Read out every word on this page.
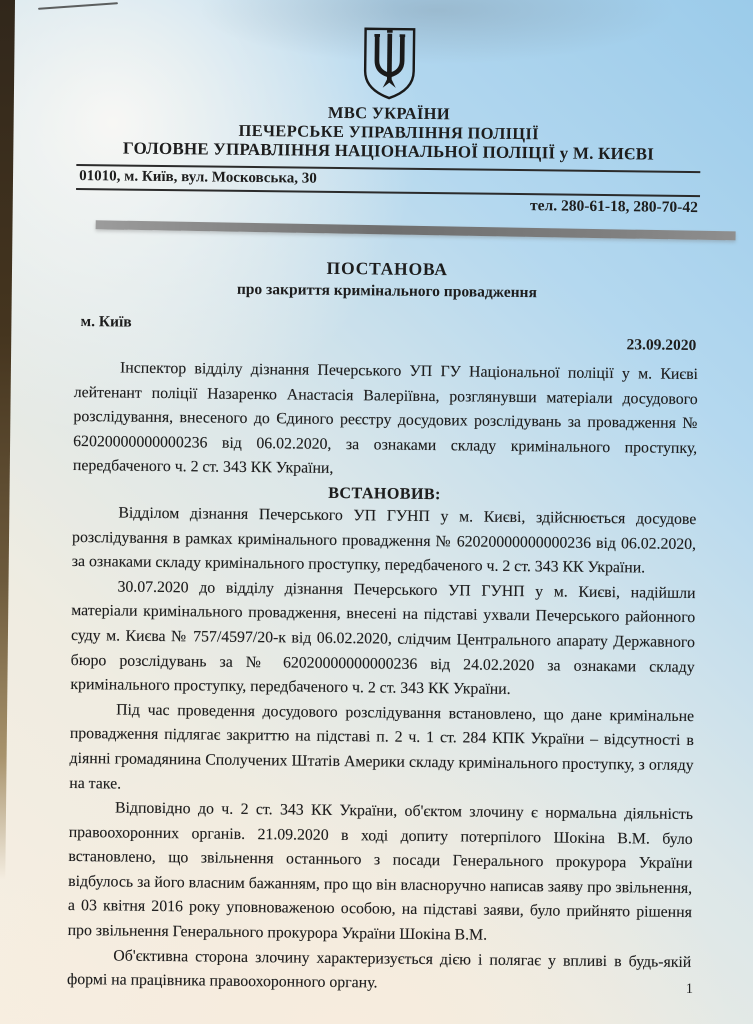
МВС УКРАЇНИ
ПЕЧЕРСЬКЕ УПРАВЛІННЯ ПОЛІЦІЇ
ГОЛОВНЕ УПРАВЛІННЯ НАЦІОНАЛЬНОЇ ПОЛІЦІЇ у М. КИЄВІ
01010, м. Київ, вул. Московська, 30
тел. 280-61-18, 280-70-42
ПОСТАНОВА
про закриття кримінального провадження
м. Київ
23.09.2020

Інспектор відділу дізнання Печерського УП ГУ Національної поліції у м. Києві лейтенант поліції Назаренко Анастасія Валеріївна, розглянувши матеріали досудового розслідування, внесеного до Єдиного реєстру досудових розслідувань за провадження № 62020000000000236 від 06.02.2020, за ознаками складу кримінального проступку, передбаченого ч. 2 ст. 343 КК України,

ВСТАНОВИВ:

Відділом дізнання Печерського УП ГУНП у м. Києві, здійснюється досудове розслідування в рамках кримінального провадження № 62020000000000236 від 06.02.2020, за ознаками складу кримінального проступку, передбаченого ч. 2 ст. 343 КК України.

30.07.2020 до відділу дізнання Печерського УП ГУНП у м. Києві, надійшли матеріали кримінального провадження, внесені на підставі ухвали Печерського районного суду м. Києва № 757/4597/20-к від 06.02.2020, слідчим Центрального апарату Державного бюро розслідувань за № 62020000000000236 від 24.02.2020 за ознаками складу кримінального проступку, передбаченого ч. 2 ст. 343 КК України.

Під час проведення досудового розслідування встановлено, що дане кримінальне провадження підлягає закриттю на підставі п. 2 ч. 1 ст. 284 КПК України – відсутності в діянні громадянина Сполучених Штатів Америки складу кримінального проступку, з огляду на таке.

Відповідно до ч. 2 ст. 343 КК України, об'єктом злочину є нормальна діяльність правоохоронних органів. 21.09.2020 в ході допиту потерпілого Шокіна В.М. було встановлено, що звільнення останнього з посади Генерального прокурора України відбулось за його власним бажанням, про що він власноручно написав заяву про звільнення, а 03 квітня 2016 року уповноваженою особою, на підставі заяви, було прийнято рішення про звільнення Генерального прокурора України Шокіна В.М.

Об'єктивна сторона злочину характеризується дією і полягає у впливі в будь-якій формі на працівника правоохоронного органу.	1
